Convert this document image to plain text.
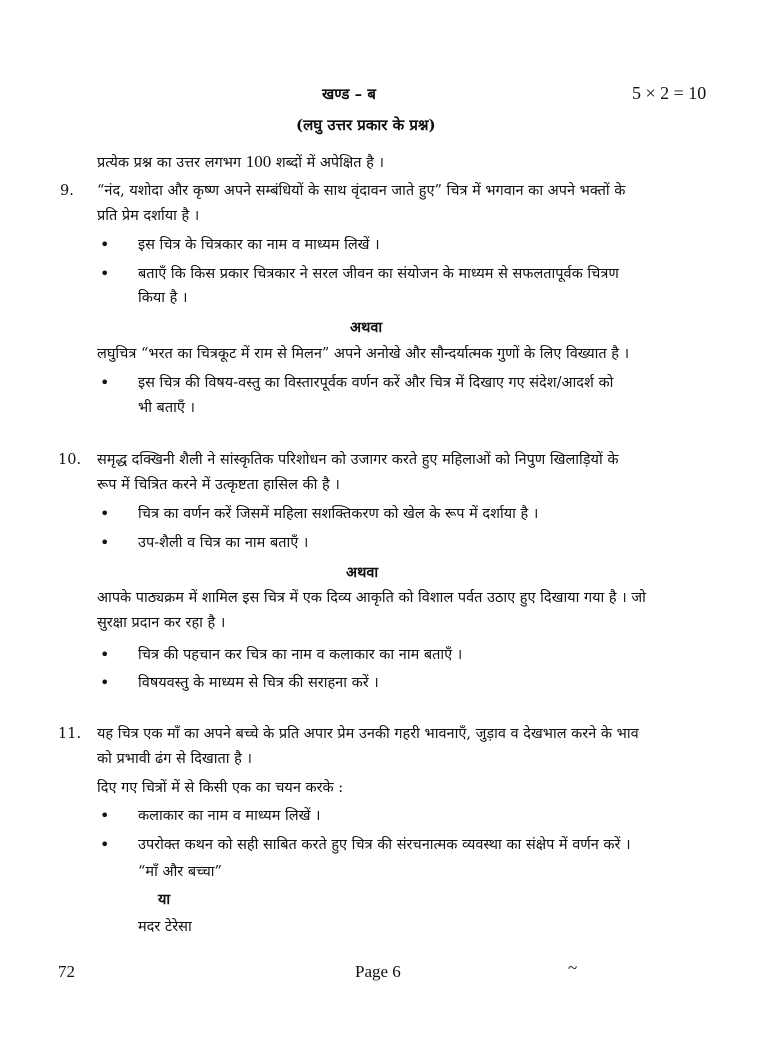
खण्ड – ब	5 × 2 = 10
(लघु उत्तर प्रकार के प्रश्न)
प्रत्येक प्रश्न का उत्तर लगभग 100 शब्दों में अपेक्षित है ।
9. “नंद, यशोदा और कृष्ण अपने सम्बंधियों के साथ वृंदावन जाते हुए” चित्र में भगवान का अपने भक्तों के
प्रति प्रेम दर्शाया है ।
• इस चित्र के चित्रकार का नाम व माध्यम लिखें ।
• बताएँ कि किस प्रकार चित्रकार ने सरल जीवन का संयोजन के माध्यम से सफलतापूर्वक चित्रण
किया है ।
अथवा
लघुचित्र “भरत का चित्रकूट में राम से मिलन” अपने अनोखे और सौन्दर्यात्मक गुणों के लिए विख्यात है ।
• इस चित्र की विषय-वस्तु का विस्तारपूर्वक वर्णन करें और चित्र में दिखाए गए संदेश/आदर्श को
भी बताएँ ।
10. समृद्ध दक्खिनी शैली ने सांस्कृतिक परिशोधन को उजागर करते हुए महिलाओं को निपुण खिलाड़ियों के
रूप में चित्रित करने में उत्कृष्टता हासिल की है ।
• चित्र का वर्णन करें जिसमें महिला सशक्तिकरण को खेल के रूप में दर्शाया है ।
• उप-शैली व चित्र का नाम बताएँ ।
अथवा
आपके पाठ्यक्रम में शामिल इस चित्र में एक दिव्य आकृति को विशाल पर्वत उठाए हुए दिखाया गया है । जो
सुरक्षा प्रदान कर रहा है ।
• चित्र की पहचान कर चित्र का नाम व कलाकार का नाम बताएँ ।
• विषयवस्तु के माध्यम से चित्र की सराहना करें ।
11. यह चित्र एक माँ का अपने बच्चे के प्रति अपार प्रेम उनकी गहरी भावनाएँ, जुड़ाव व देखभाल करने के भाव
को प्रभावी ढंग से दिखाता है ।
दिए गए चित्रों में से किसी एक का चयन करके :
• कलाकार का नाम व माध्यम लिखें ।
• उपरोक्त कथन को सही साबित करते हुए चित्र की संरचनात्मक व्यवस्था का संक्षेप में वर्णन करें ।
“माँ और बच्चा”
या
मदर टेरेसा
72	Page 6	~
